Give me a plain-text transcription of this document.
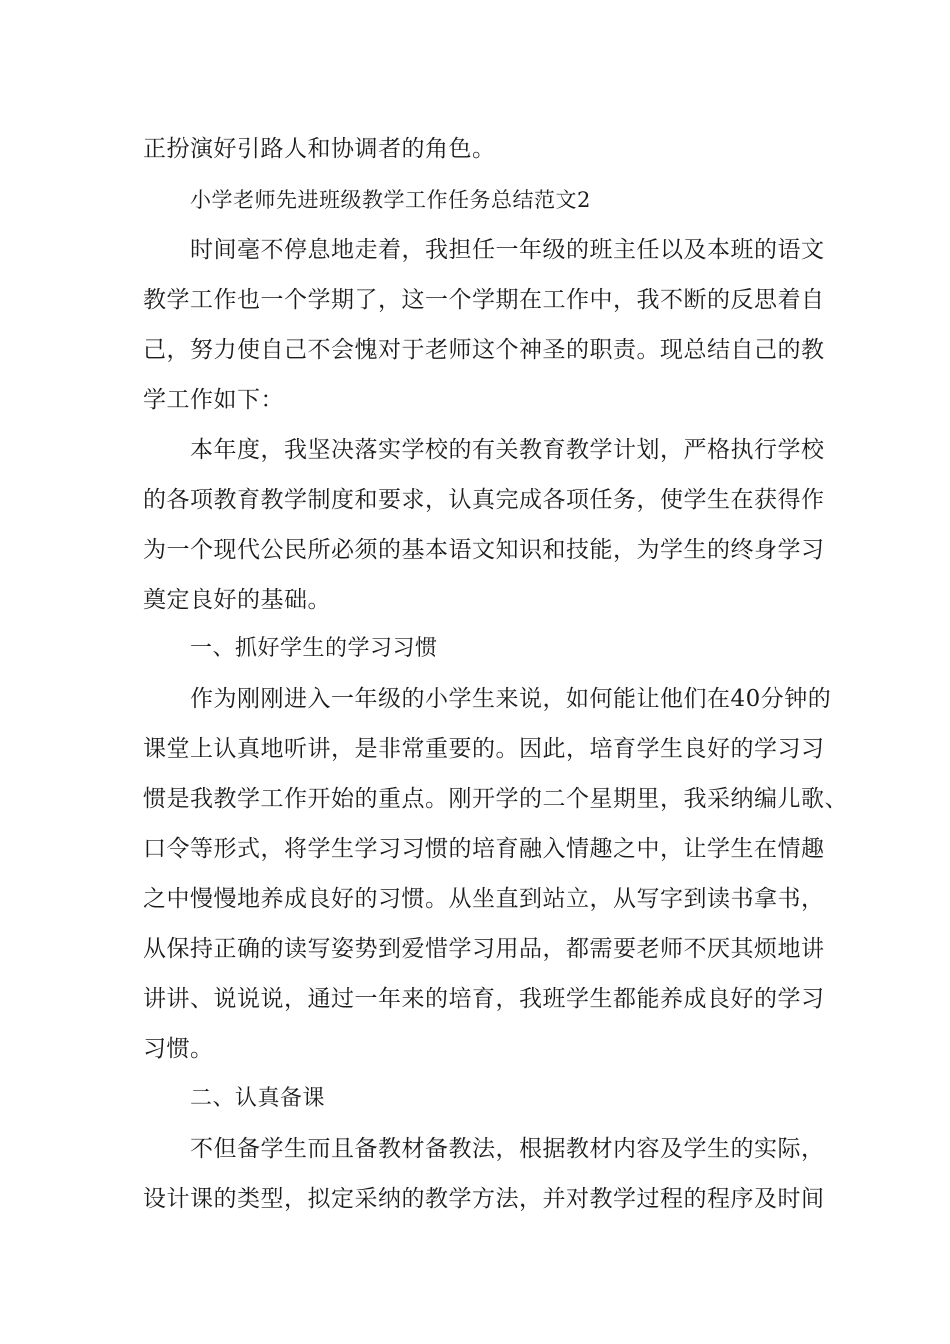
正扮演好引路人和协调者的角色。
小学老师先进班级教学工作任务总结范文2
时间毫不停息地走着，我担任一年级的班主任以及本班的语文
教学工作也一个学期了，这一个学期在工作中，我不断的反思着自
己，努力使自己不会愧对于老师这个神圣的职责。现总结自己的教
学工作如下：
本年度，我坚决落实学校的有关教育教学计划，严格执行学校
的各项教育教学制度和要求，认真完成各项任务，使学生在获得作
为一个现代公民所必须的基本语文知识和技能，为学生的终身学习
奠定良好的基础。
一、抓好学生的学习习惯
作为刚刚进入一年级的小学生来说，如何能让他们在40分钟的
课堂上认真地听讲，是非常重要的。因此，培育学生良好的学习习
惯是我教学工作开始的重点。刚开学的二个星期里，我采纳编儿歌、
口令等形式，将学生学习习惯的培育融入情趣之中，让学生在情趣
之中慢慢地养成良好的习惯。从坐直到站立，从写字到读书拿书，
从保持正确的读写姿势到爱惜学习用品，都需要老师不厌其烦地讲
讲讲、说说说，通过一年来的培育，我班学生都能养成良好的学习
习惯。
二、认真备课
不但备学生而且备教材备教法，根据教材内容及学生的实际，
设计课的类型，拟定采纳的教学方法，并对教学过程的程序及时间
